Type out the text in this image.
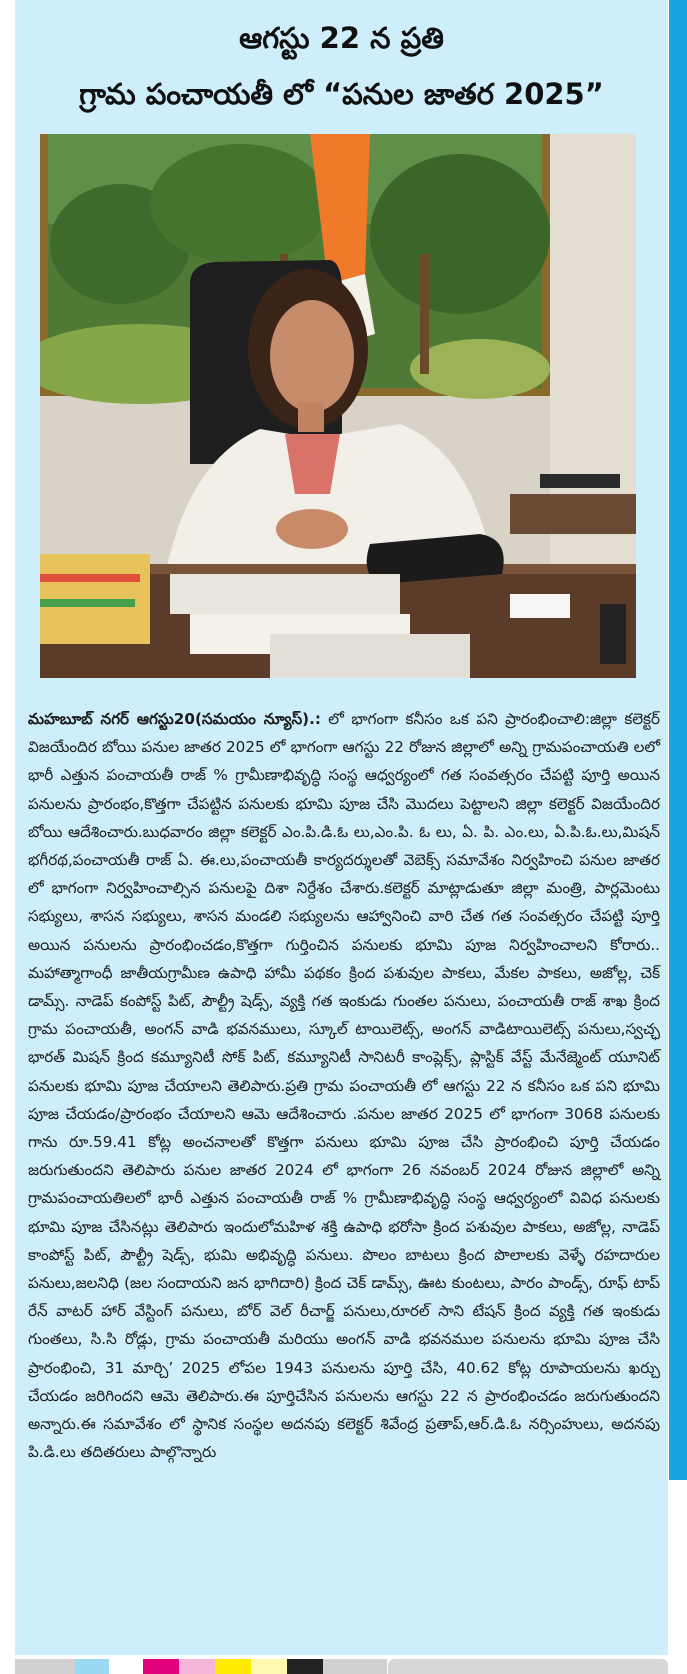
ఆగస్టు 22 న ప్రతి
గ్రామ పంచాయతీ లో “పనుల జాతర 2025”
మహబూబ్ నగర్ ఆగస్టు20(సమయం న్యూస్).: లో భాగంగా కనీసం ఒక పని ప్రారంభించాలి:జిల్లా కలెక్టర్ విజయేందిర బోయి పనుల జాతర 2025 లో భాగంగా ఆగస్టు 22 రోజున జిల్లాలో అన్ని గ్రామపంచాయతి లలో భారీ ఎత్తున పంచాయతీ రాజ్ % గ్రామీణాభివృద్ధి సంస్థ ఆధ్వర్యంలో గత సంవత్సరం చేపట్టి పూర్తి అయిన పనులను ప్రారంభం,కొత్తగా చేపట్టిన పనులకు భూమి పూజ చేసి మొదలు పెట్టాలని జిల్లా కలెక్టర్ విజయేందిర బోయి ఆదేశించారు.బుధవారం జిల్లా కలెక్టర్ ఎం.పి.డి.ఓ లు,ఎం.పి. ఓ లు, ఏ. పి. ఎం.లు, ఏ.పి.ఓ.లు,మిషన్ భగీరథ,పంచాయతీ రాజ్ ఏ. ఈ.లు,పంచాయతీ కార్యదర్శులతో వెబెక్స్ సమావేశం నిర్వహించి పనుల జాతర లో భాగంగా నిర్వహించాల్సిన పనులపై దిశా నిర్దేశం చేశారు.కలెక్టర్ మాట్లాడుతూ జిల్లా మంత్రి, పార్లమెంటు సభ్యులు, శాసన సభ్యులు, శాసన మండలి సభ్యులను ఆహ్వానించి వారి చేత గత సంవత్సరం చేపట్టి పూర్తి అయిన పనులను ప్రారంభించడం,కొత్తగా గుర్తించిన పనులకు భూమి పూజ నిర్వహించాలని కోరారు.. మహాత్మాగాంధీ జాతీయగ్రామీణ ఉపాధి హామీ పథకం క్రింద పశువుల పాకలు, మేకల పాకలు, అజోల్ల, చెక్ డామ్స్. నాడెప్ కంపోస్ట్ పిట్, పౌల్ట్రీ షెడ్స్, వ్యక్తి గత ఇంకుడు గుంతల పనులు, పంచాయతీ రాజ్ శాఖ క్రింద గ్రామ పంచాయతీ, అంగన్ వాడి భవనములు, స్కూల్ టాయిలెట్స్, అంగన్ వాడిటాయిలెట్స్ పనులు,స్వచ్ఛ భారత్ మిషన్ క్రింద కమ్యూనిటీ సోక్ పిట్, కమ్యూనిటీ సానిటరీ కాంప్లెక్స్, ప్లాస్టిక్ వేస్ట్ మేనేజ్మెంట్ యూనిట్ పనులకు భూమి పూజ చేయాలని తెలిపారు.ప్రతి గ్రామ పంచాయతీ లో ఆగస్టు 22 న కనీసం ఒక పని భూమి పూజ చేయడం/ప్రారంభం చేయాలని ఆమె ఆదేశించారు .పనుల జాతర 2025 లో భాగంగా 3068 పనులకు గాను రూ.59.41 కోట్ల అంచనాలతో కొత్తగా పనులు భూమి పూజ చేసి ప్రారంభించి పూర్తి చేయడం జరుగుతుందని తెలిపారు పనుల జాతర 2024 లో భాగంగా 26 నవంబర్ 2024 రోజున జిల్లాలో అన్ని గ్రామపంచాయతిలలో భారీ ఎత్తున పంచాయతీ రాజ్ % గ్రామీణాభివృద్ధి సంస్థ ఆధ్వర్యంలో వివిధ పనులకు భూమి పూజ చేసినట్లు తెలిపారు ఇందులోమహిళ శక్తి ఉపాధి భరోసా క్రింద పశువుల పాకలు, అజోల్ల, నాడెప్ కాంపోస్ట్ పిట్, పౌల్ట్రీ షెడ్స్, భుమి అభివృద్ధి పనులు. పొలం బాటలు క్రింద పొలాలకు వెళ్ళే రహదారుల పనులు,జలనిధి (జల సందాయని జన భాగిదారి) క్రింద చెక్ డామ్స్, ఊట కుంటలు, పారం పాండ్స్, రూఫ్ టాప్ రేన్ వాటర్ హార్ వేస్టింగ్ పనులు, బోర్ వెల్ రీచార్జ్ పనులు,రూరల్ సాని టేషన్ క్రింద వ్యక్తి గత ఇంకుడు గుంతలు, సి.సి రోడ్లు, గ్రామ పంచాయతీ మరియు అంగన్ వాడి భవనముల పనులను భూమి పూజ చేసి ప్రారంభించి, 31 మార్చి’ 2025 లోపల 1943 పనులను పూర్తి చేసి, 40.62 కోట్ల రూపాయలను ఖర్చు చేయడం జరిగిందని ఆమె తెలిపారు.ఈ పూర్తిచేసిన పనులను ఆగస్టు 22 న ప్రారంభించడం జరుగుతుందని అన్నారు.ఈ సమావేశం లో స్థానిక సంస్థల అదనపు కలెక్టర్ శివేంద్ర ప్రతాప్,ఆర్.డి.ఓ నర్సింహులు, అదనపు పి.డి.లు తదితరులు పాల్గొన్నారు
